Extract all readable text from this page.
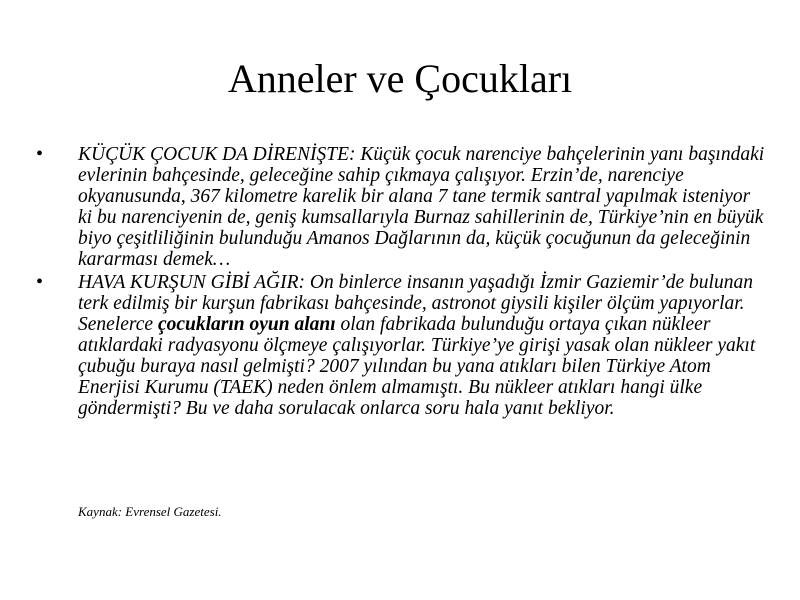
Anneler ve Çocukları
• KÜÇÜK ÇOCUK DA DİRENİŞTE: Küçük çocuk narenciye bahçelerinin yanı başındaki evlerinin bahçesinde, geleceğine sahip çıkmaya çalışıyor. Erzin’de, narenciye okyanusunda, 367 kilometre karelik bir alana 7 tane termik santral yapılmak isteniyor ki bu narenciyenin de, geniş kumsallarıyla Burnaz sahillerinin de, Türkiye’nin en büyük biyo çeşitliliğinin bulunduğu Amanos Dağlarının da, küçük çocuğunun da geleceğinin kararması demek…
• HAVA KURŞUN GİBİ AĞIR: On binlerce insanın yaşadığı İzmir Gaziemir’de bulunan terk edilmiş bir kurşun fabrikası bahçesinde, astronot giysili kişiler ölçüm yapıyorlar. Senelerce çocukların oyun alanı olan fabrikada bulunduğu ortaya çıkan nükleer atıklardaki radyasyonu ölçmeye çalışıyorlar. Türkiye’ye girişi yasak olan nükleer yakıt çubuğu buraya nasıl gelmişti? 2007 yılından bu yana atıkları bilen Türkiye Atom Enerjisi Kurumu (TAEK) neden önlem almamıştı. Bu nükleer atıkları hangi ülke göndermişti? Bu ve daha sorulacak onlarca soru hala yanıt bekliyor.

Kaynak: Evrensel Gazetesi.
